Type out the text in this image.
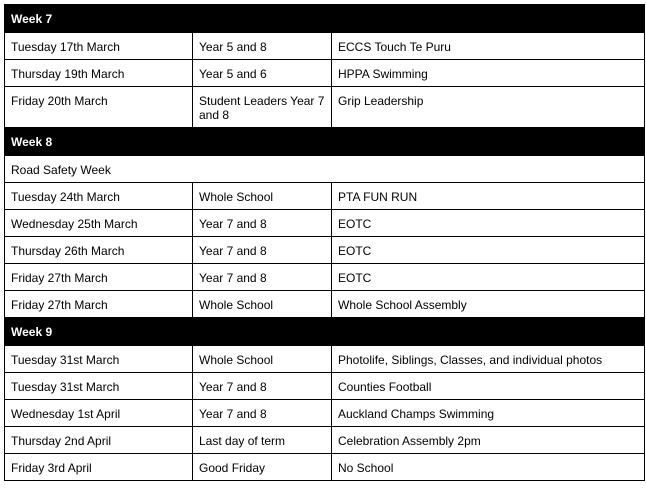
Week 7		
Tuesday 17th March	Year 5 and 8	ECCS Touch Te Puru
Thursday 19th March	Year 5 and 6	HPPA Swimming
Friday 20th March	Student Leaders Year 7 and 8	Grip Leadership
Week 8		
Road Safety Week		
Tuesday 24th March	Whole School	PTA FUN RUN
Wednesday 25th March	Year 7 and 8	EOTC
Thursday 26th March	Year 7 and 8	EOTC
Friday 27th March	Year 7 and 8	EOTC
Friday 27th March	Whole School	Whole School Assembly
Week 9		
Tuesday 31st March	Whole School	Photolife, Siblings, Classes, and individual photos
Tuesday 31st March	Year 7 and 8	Counties Football
Wednesday 1st April	Year 7 and 8	Auckland Champs Swimming
Thursday 2nd April	Last day of term	Celebration Assembly 2pm
Friday 3rd April	Good Friday	No School
